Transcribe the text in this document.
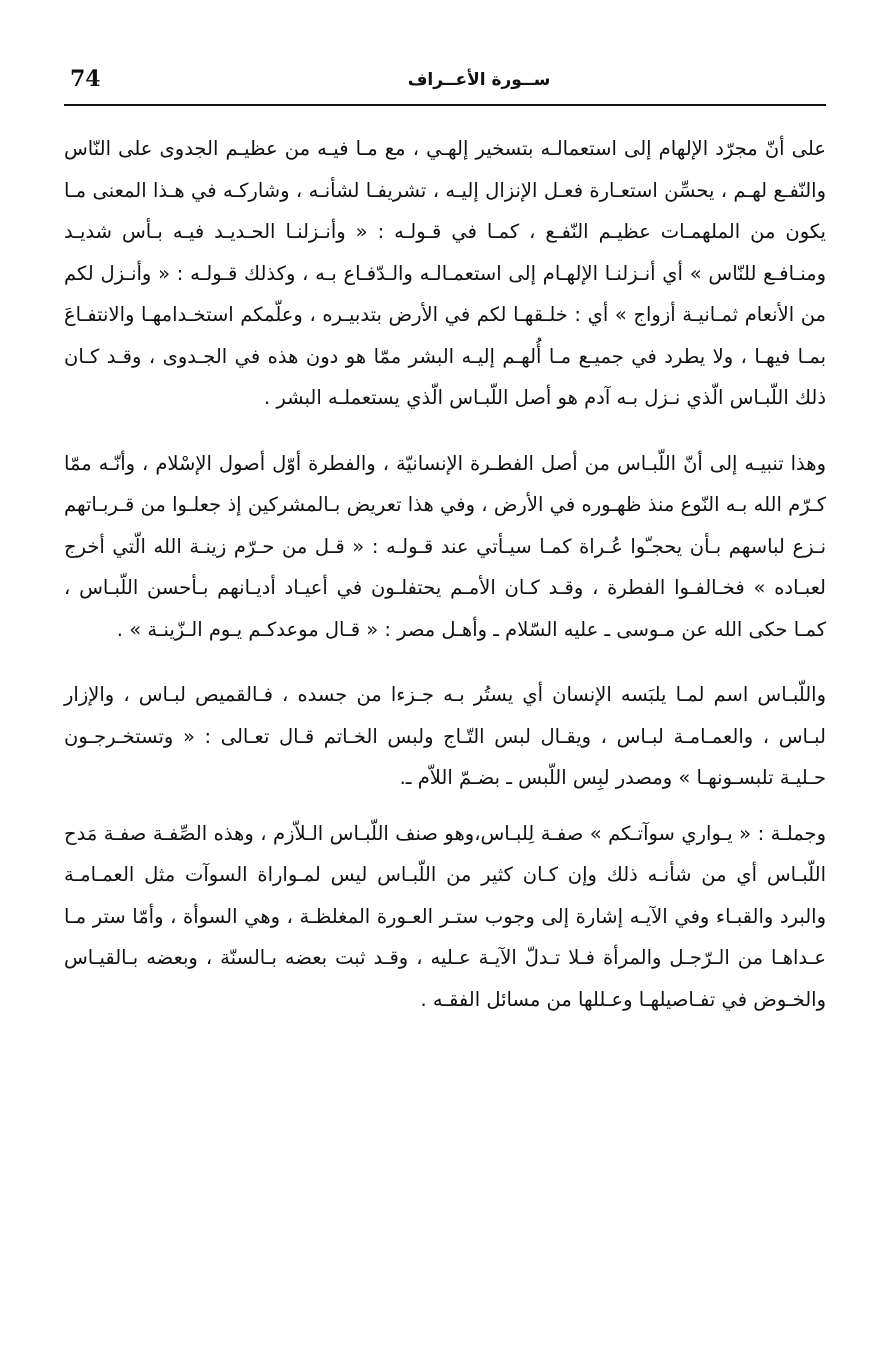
74	ســورة الأعــراف

على أنّ مجرّد الإلهام إلى استعمالـه بتسخير إلهـي ، مع مـا فيـه من عظيـم الجدوى على النّاس والنّفـع لهـم ، يحسِّن استعـارة فعـل الإنزال إليـه ، تشريفـا لشأنـه ، وشاركـه في هـذا المعنى مـا يكون من الملهمـات عظيـم النّفـع ، كمـا في قـولـه : « وأنـزلنـا الحـديـد فيـه بـأس شديـد ومنـافـع للنّاس » أي أنـزلنـا الإلهـام إلى استعمـالـه والـدّفـاع بـه ، وكذلك قـولـه : « وأنـزل لكم من الأنعام ثمـانيـة أزواج » أي : خلـقهـا لكم في الأرض بتدبيـره ، وعلّمكم استخـدامهـا والانتفـاعَ بمـا فيهـا ، ولا يطرد في جميـع مـا أُلهـم إليـه البشر ممّا هو دون هذه في الجـدوى ، وقـد كـان ذلك اللّبـاس الّذي نـزل بـه آدم هو أصل اللّبـاس الّذي يستعملـه البشر .

وهذا تنبيـه إلى أنّ اللّبـاس من أصل الفطـرة الإنسانيّة ، والفطرة أوّل أصول الإسْلام ، وأنّـه ممّا كـرّم الله بـه النّوع منذ ظهـوره في الأرض ، وفي هذا تعريض بـالمشركين إذ جعلـوا من قـربـاتهم نـزع لباسهم بـأن يحجـّوا عُـراة كمـا سيـأتي عند قـولـه : « قـل من حـرّم زينـة الله الّتي أخرج لعبـاده » فخـالفـوا الفطرة ، وقـد كـان الأمـم يحتفلـون في أعيـاد أديـانهم بـأحسن اللّبـاس ، كمـا حكى الله عن مـوسى ـ عليه السّلام ـ وأهـل مصر : « قـال موعدكـم يـوم الـزّينـة » .

واللّبـاس اسم لمـا يلبَسه الإنسان أي يستُر بـه جـزءا من جسده ، فـالقميص لبـاس ، والإزار لبـاس ، والعمـامـة لبـاس ، ويقـال لبس التّـاج ولبس الخـاتم قـال تعـالى : « وتستخـرجـون حـليـة تلبسـونهـا » ومصدر لبِس اللّبس ـ بضـمّ اللاّم ـ.

وجملـة : « يـواري سوآتـكم » صفـة لِلبـاس،وهو صنف اللّبـاس الـلاّزم ، وهذه الصِّفـة صفـة مَدح اللّبـاس أي من شأنـه ذلك وإن كـان كثير من اللّبـاس ليس لمـواراة السوآت مثل العمـامـة والبرد والقبـاء وفي الآيـه إشارة إلى وجوب ستـر العـورة المغلظـة ، وهي السوأة ، وأمّا ستر مـا عـداهـا من الـرّجـل والمرأة فـلا تـدلّ الآيـة عـليه ، وقـد ثبت بعضه بـالسنّة ، وبعضه بـالقيـاس والخـوض في تفـاصيلهـا وعـللها من مسائل الفقـه .
